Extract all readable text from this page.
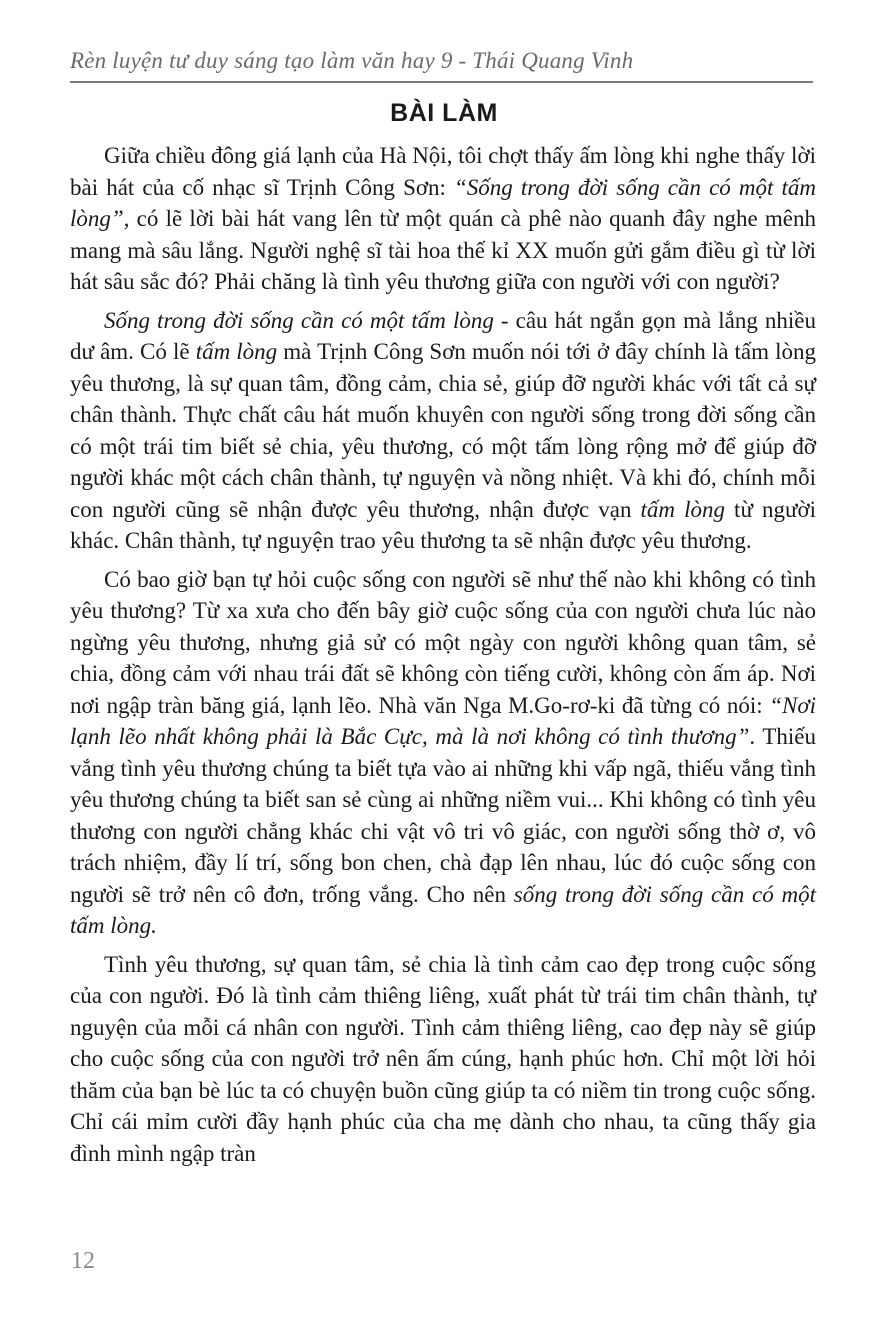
Rèn luyện tư duy sáng tạo làm văn hay 9 - Thái Quang Vinh
BÀI LÀM

Giữa chiều đông giá lạnh của Hà Nội, tôi chợt thấy ấm lòng khi nghe thấy lời bài hát của cố nhạc sĩ Trịnh Công Sơn: “Sống trong đời sống cần có một tấm lòng”, có lẽ lời bài hát vang lên từ một quán cà phê nào quanh đây nghe mênh mang mà sâu lắng. Người nghệ sĩ tài hoa thế kỉ XX muốn gửi gắm điều gì từ lời hát sâu sắc đó? Phải chăng là tình yêu thương giữa con người với con người?

Sống trong đời sống cần có một tấm lòng - câu hát ngắn gọn mà lắng nhiều dư âm. Có lẽ tấm lòng mà Trịnh Công Sơn muốn nói tới ở đây chính là tấm lòng yêu thương, là sự quan tâm, đồng cảm, chia sẻ, giúp đỡ người khác với tất cả sự chân thành. Thực chất câu hát muốn khuyên con người sống trong đời sống cần có một trái tim biết sẻ chia, yêu thương, có một tấm lòng rộng mở để giúp đỡ người khác một cách chân thành, tự nguyện và nồng nhiệt. Và khi đó, chính mỗi con người cũng sẽ nhận được yêu thương, nhận được vạn tấm lòng từ người khác. Chân thành, tự nguyện trao yêu thương ta sẽ nhận được yêu thương.

Có bao giờ bạn tự hỏi cuộc sống con người sẽ như thế nào khi không có tình yêu thương? Từ xa xưa cho đến bây giờ cuộc sống của con người chưa lúc nào ngừng yêu thương, nhưng giả sử có một ngày con người không quan tâm, sẻ chia, đồng cảm với nhau trái đất sẽ không còn tiếng cười, không còn ấm áp. Nơi nơi ngập tràn băng giá, lạnh lẽo. Nhà văn Nga M.Go-rơ-ki đã từng có nói: “Nơi lạnh lẽo nhất không phải là Bắc Cực, mà là nơi không có tình thương”. Thiếu vắng tình yêu thương chúng ta biết tựa vào ai những khi vấp ngã, thiếu vắng tình yêu thương chúng ta biết san sẻ cùng ai những niềm vui... Khi không có tình yêu thương con người chẳng khác chi vật vô tri vô giác, con người sống thờ ơ, vô trách nhiệm, đầy lí trí, sống bon chen, chà đạp lên nhau, lúc đó cuộc sống con người sẽ trở nên cô đơn, trống vắng. Cho nên sống trong đời sống cần có một tấm lòng.

Tình yêu thương, sự quan tâm, sẻ chia là tình cảm cao đẹp trong cuộc sống của con người. Đó là tình cảm thiêng liêng, xuất phát từ trái tim chân thành, tự nguyện của mỗi cá nhân con người. Tình cảm thiêng liêng, cao đẹp này sẽ giúp cho cuộc sống của con người trở nên ấm cúng, hạnh phúc hơn. Chỉ một lời hỏi thăm của bạn bè lúc ta có chuyện buồn cũng giúp ta có niềm tin trong cuộc sống. Chỉ cái mỉm cười đầy hạnh phúc của cha mẹ dành cho nhau, ta cũng thấy gia đình mình ngập tràn

12
